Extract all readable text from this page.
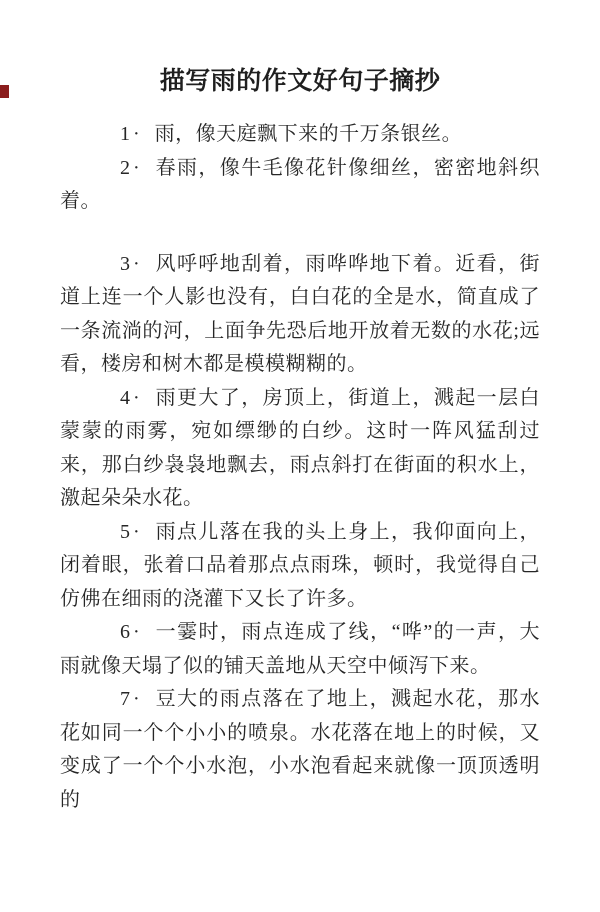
描写雨的作文好句子摘抄

1· 雨，像天庭飘下来的千万条银丝。

2· 春雨，像牛毛像花针像细丝，密密地斜织着。

3· 风呼呼地刮着，雨哗哗地下着。近看，街道上连一个人影也没有，白白花的全是水，简直成了一条流淌的河，上面争先恐后地开放着无数的水花;远看，楼房和树木都是模模糊糊的。

4· 雨更大了，房顶上，街道上，溅起一层白蒙蒙的雨雾，宛如缥缈的白纱。这时一阵风猛刮过来，那白纱袅袅地飘去，雨点斜打在街面的积水上，激起朵朵水花。

5· 雨点儿落在我的头上身上，我仰面向上，闭着眼，张着口品着那点点雨珠，顿时，我觉得自己仿佛在细雨的浇灌下又长了许多。

6· 一霎时，雨点连成了线，“哗”的一声，大雨就像天塌了似的铺天盖地从天空中倾泻下来。

7· 豆大的雨点落在了地上，溅起水花，那水花如同一个个小小的喷泉。水花落在地上的时候，又变成了一个个小水泡，小水泡看起来就像一顶顶透明的
